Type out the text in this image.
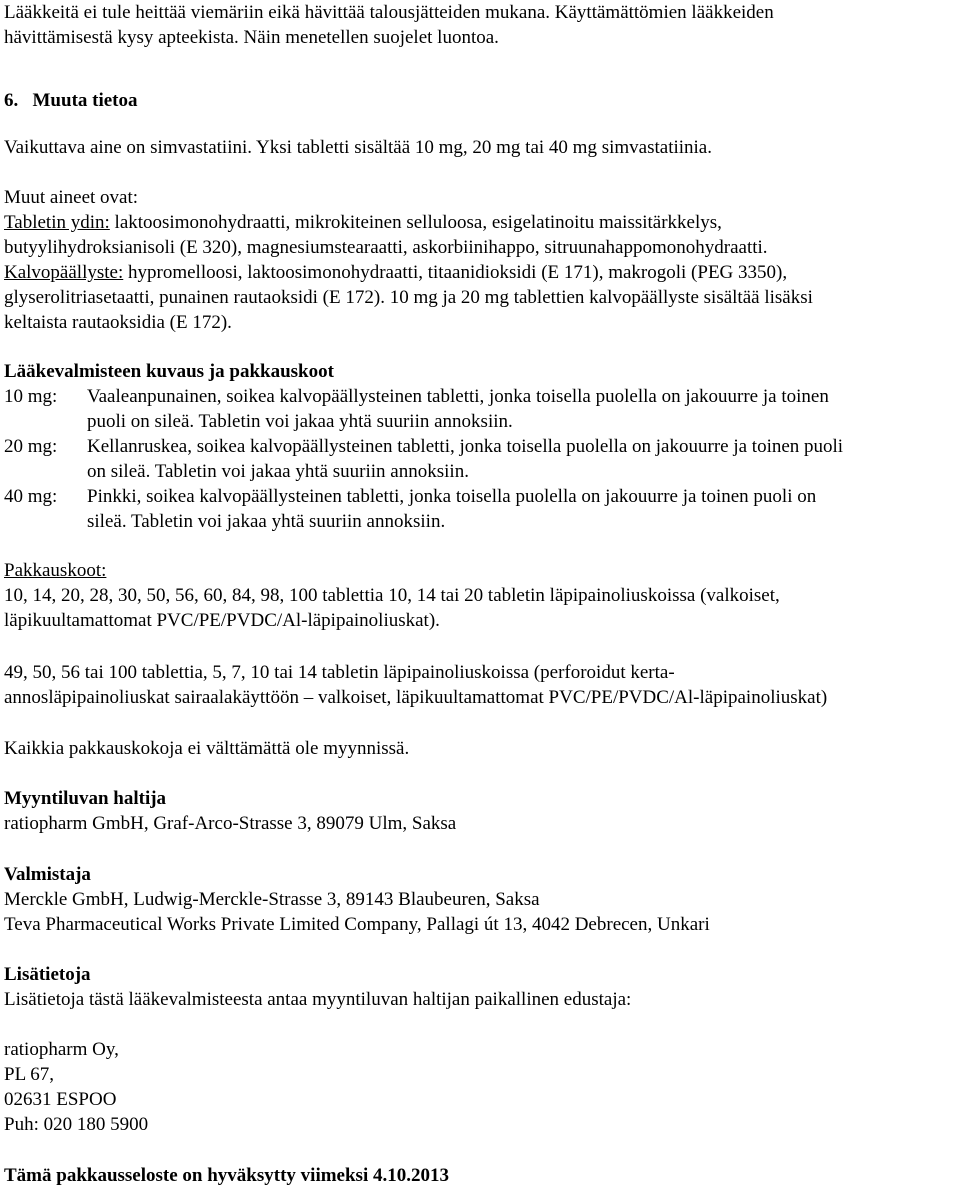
Lääkkeitä ei tule heittää viemäriin eikä hävittää talousjätteiden mukana. Käyttämättömien lääkkeiden

hävittämisestä kysy apteekista. Näin menetellen suojelet luontoa.

6.   Muuta tietoa

Vaikuttava aine on simvastatiini. Yksi tabletti sisältää 10 mg, 20 mg tai 40 mg simvastatiinia.

Muut aineet ovat:

Tabletin ydin: laktoosimonohydraatti, mikrokiteinen selluloosa, esigelatinoitu maissitärkkelys,

butyylihydroksianisoli (E 320), magnesiumstearaatti, askorbiinihappo, sitruunahappomonohydraatti.

Kalvopäällyste: hypromelloosi, laktoosimonohydraatti, titaanidioksidi (E 171), makrogoli (PEG 3350),

glyserolitriasetaatti, punainen rautaoksidi (E 172). 10 mg ja 20 mg tablettien kalvopäällyste sisältää lisäksi

keltaista rautaoksidia (E 172).

Lääkevalmisteen kuvaus ja pakkauskoot

10 mg:	Vaaleanpunainen, soikea kalvopäällysteinen tabletti, jonka toisella puolella on jakouurre ja toinen

puoli on sileä. Tabletin voi jakaa yhtä suuriin annoksiin.

20 mg:	Kellanruskea, soikea kalvopäällysteinen tabletti, jonka toisella puolella on jakouurre ja toinen puoli

on sileä. Tabletin voi jakaa yhtä suuriin annoksiin.

40 mg:	Pinkki, soikea kalvopäällysteinen tabletti, jonka toisella puolella on jakouurre ja toinen puoli on

sileä. Tabletin voi jakaa yhtä suuriin annoksiin.

Pakkauskoot:

10, 14, 20, 28, 30, 50, 56, 60, 84, 98, 100 tablettia 10, 14 tai 20 tabletin läpipainoliuskoissa (valkoiset,

läpikuultamattomat PVC/PE/PVDC/Al-läpipainoliuskat).

49, 50, 56 tai 100 tablettia, 5, 7, 10 tai 14 tabletin läpipainoliuskoissa (perforoidut kerta-

annosläpipainoliuskat sairaalakäyttöön – valkoiset, läpikuultamattomat PVC/PE/PVDC/Al-läpipainoliuskat)

Kaikkia pakkauskokoja ei välttämättä ole myynnissä.

Myyntiluvan haltija

ratiopharm GmbH, Graf-Arco-Strasse 3, 89079 Ulm, Saksa

Valmistaja

Merckle GmbH, Ludwig-Merckle-Strasse 3, 89143 Blaubeuren, Saksa

Teva Pharmaceutical Works Private Limited Company, Pallagi út 13, 4042 Debrecen, Unkari

Lisätietoja

Lisätietoja tästä lääkevalmisteesta antaa myyntiluvan haltijan paikallinen edustaja:

ratiopharm Oy,

PL 67,

02631 ESPOO

Puh: 020 180 5900

Tämä pakkausseloste on hyväksytty viimeksi 4.10.2013
